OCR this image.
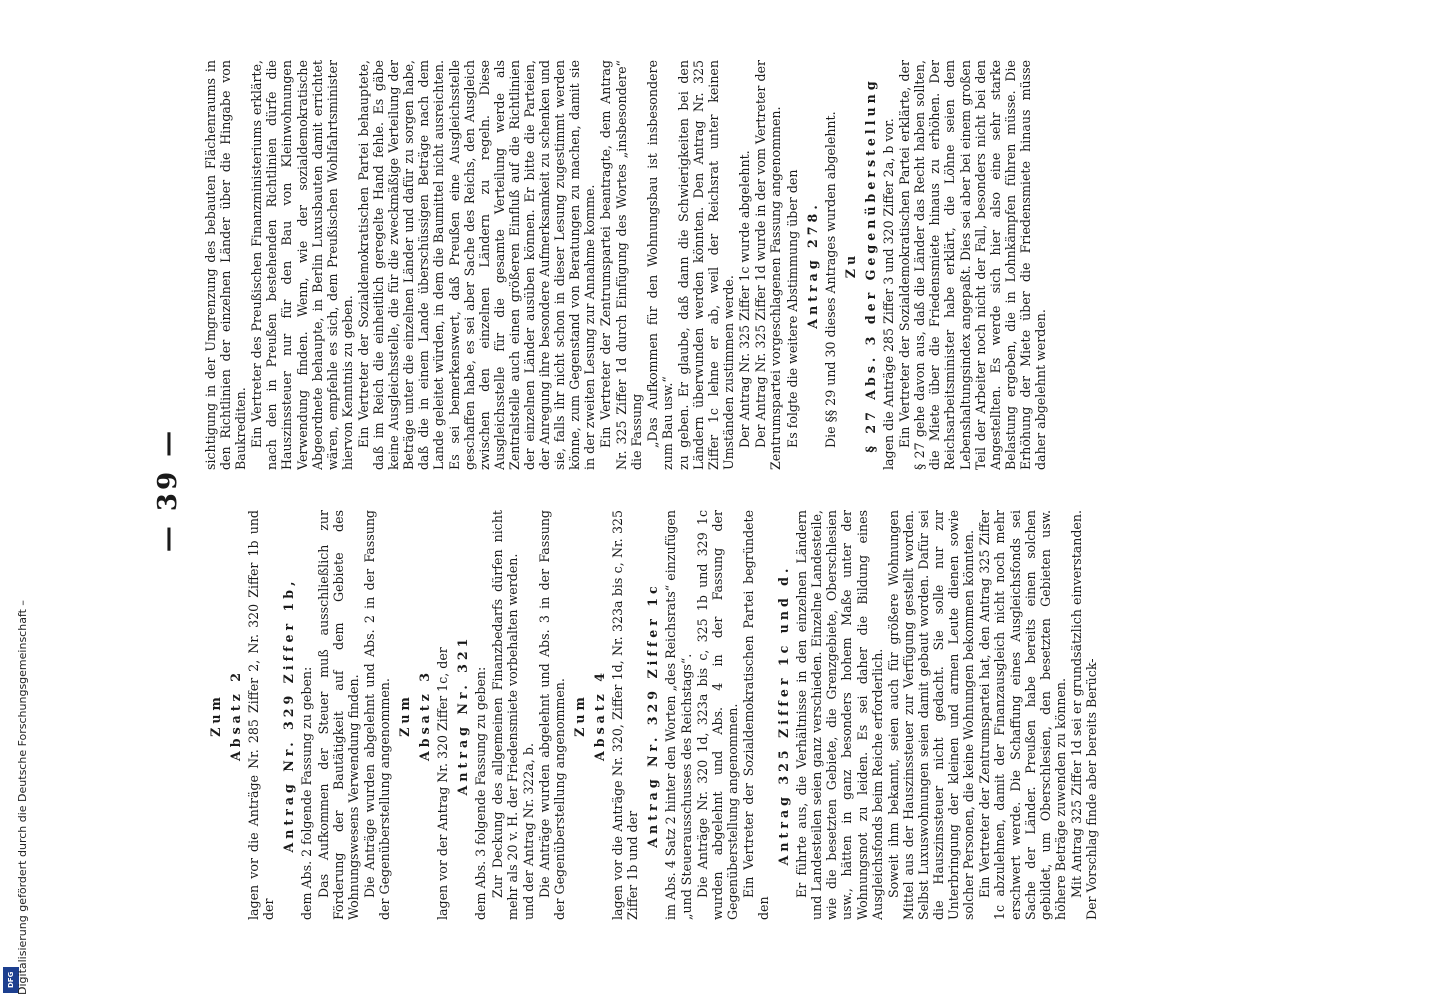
DFG Digitalisierung gefördert durch die Deutsche Forschungsgemeinschaft –
— 39 —

Zum Absatz 2 lagen vor die Anträge Nr. 285 Ziffer 2, Nr. 320 Ziffer 1b und der

Antrag Nr. 329 Ziffer 1b, dem Abs. 2 folgende Fassung zu geben: Das Aufkommen der Steuer muß ausschließlich zur Förderung der Bautätigkeit auf dem Gebiete des Wohnungswesens Verwendung finden. Die Anträge wurden abgelehnt und Abs. 2 in der Fassung der Gegenüberstellung angenommen. Zum Absatz 3 lagen vor der Antrag Nr. 320 Ziffer 1c, der Antrag Nr. 321 dem Abs. 3 folgende Fassung zu geben: Zur Deckung des allgemeinen Finanzbedarfs dürfen nicht mehr als 20 v. H. der Friedensmiete vorbehalten werden. und der Antrag Nr. 322a, b. Die Anträge wurden abgelehnt und Abs. 3 in der Fassung der Gegenüberstellung angenommen. Zum Absatz 4 lagen vor die Anträge Nr. 320, Ziffer 1d, Nr. 323a bis c, Nr. 325 Ziffer 1b und der

Antrag Nr. 329 Ziffer 1c im Abs. 4 Satz 2 hinter den Worten „des Reichsrats“ einzufügen „und Steuerausschusses des Reichstags“. Die Anträge Nr. 320 1d, 323a bis c, 325 1b und 329 1c wurden abgelehnt und Abs. 4 in der Fassung der Gegenüberstellung angenommen. Ein Vertreter der Sozialdemokratischen Partei begründete den

Antrag 325 Ziffer 1c und d. Er führte aus, die Verhältnisse in den einzelnen Ländern und Landesteilen seien ganz verschieden. Einzelne Landesteile, wie die besetzten Gebiete, die Grenzgebiete, Oberschlesien usw., hätten in ganz besonders hohem Maße unter der Wohnungsnot zu leiden. Es sei daher die Bildung eines Ausgleichsfonds beim Reiche erforderlich. Soweit ihm bekannt, seien auch für größere Wohnungen Mittel aus der Hauszinssteuer zur Verfügung gestellt worden. Selbst Luxuswohnungen seien damit gebaut worden. Dafür sei die Hauszinssteuer nicht gedacht. Sie solle nur zur Unterbringung der kleinen und armen Leute dienen sowie solcher Personen, die keine Wohnungen bekommen könnten. Ein Vertreter der Zentrumspartei hat, den Antrag 325 Ziffer 1c abzulehnen, damit der Finanzausgleich nicht noch mehr erschwert werde. Die Schaffung eines Ausgleichsfonds sei Sache der Länder. Preußen habe bereits einen solchen gebildet, um Oberschlesien, den besetzten Gebieten usw. höhere Beträge zuwenden zu können. Mit Antrag 325 Ziffer 1d sei er grundsätzlich einverstanden. Der Vorschlag finde aber bereits Berück-

sichtigung in der Umgrenzung des bebauten Flächenraums in den Richtlinien der einzelnen Länder über die Hingabe von Baukrediten. Ein Vertreter des Preußischen Finanzministeriums erklärte, nach den in Preußen bestehenden Richtlinien dürfe die Hauszinssteuer nur für den Bau von Kleinwohnungen Verwendung finden. Wenn, wie der sozialdemokratische Abgeordnete behaupte, in Berlin Luxusbauten damit errichtet wären, empfehle es sich, dem Preußischen Wohlfahrtsminister hiervon Kenntnis zu geben. Ein Vertreter der Sozialdemokratischen Partei behauptete, daß im Reich die einheitlich geregelte Hand fehle. Es gäbe keine Ausgleichsstelle, die für die zweckmäßige Verteilung der Beträge unter die einzelnen Länder und dafür zu sorgen habe, daß die in einem Lande überschüssigen Beträge nach dem Lande geleitet würden, in dem die Baumittel nicht ausreichten. Es sei bemerkenswert, daß Preußen eine Ausgleichsstelle geschaffen habe, es sei aber Sache des Reichs, den Ausgleich zwischen den einzelnen Ländern zu regeln. Diese Ausgleichsstelle für die gesamte Verteilung werde als Zentralstelle auch einen größeren Einfluß auf die Richtlinien der einzelnen Länder ausüben können. Er bitte die Parteien, der Anregung ihre besondere Aufmerksamkeit zu schenken und sie, falls ihr nicht schon in dieser Lesung zugestimmt werden könne, zum Gegenstand von Beratungen zu machen, damit sie in der zweiten Lesung zur Annahme komme. Ein Vertreter der Zentrumspartei beantragte, dem Antrag Nr. 325 Ziffer 1d durch Einfügung des Wortes „insbesondere“ die Fassung „Das Aufkommen für den Wohnungsbau ist insbesondere zum Bau usw.“ zu geben. Er glaube, daß dann die Schwierigkeiten bei den Ländern überwunden werden könnten. Den Antrag Nr. 325 Ziffer 1c lehne er ab, weil der Reichsrat unter keinen Umständen zustimmen werde. Der Antrag Nr. 325 Ziffer 1c wurde abgelehnt. Der Antrag Nr. 325 Ziffer 1d wurde in der vom Vertreter der Zentrumspartei vorgeschlagenen Fassung angenommen. Es folgte die weitere Abstimmung über den Antrag 278. Die §§ 29 und 30 dieses Antrages wurden abgelehnt. Zu § 27 Abs. 3 der Gegenüberstellung lagen die Anträge 285 Ziffer 3 und 320 Ziffer 2a, b vor. Ein Vertreter der Sozialdemokratischen Partei erklärte, der § 27 gehe davon aus, daß die Länder das Recht haben sollten, die Miete über die Friedensmiete hinaus zu erhöhen. Der Reichsarbeitsminister habe erklärt, die Löhne seien dem Lebenshaltungsindex angepaßt. Dies sei aber bei einem großen Teil der Arbeiter noch nicht der Fall, besonders nicht bei den Angestellten. Es werde sich hier also eine sehr starke Belastung ergeben, die in Lohnkämpfen führen müsse. Die Erhöhung der Miete über die Friedensmiete hinaus müsse daher abgelehnt werden.
